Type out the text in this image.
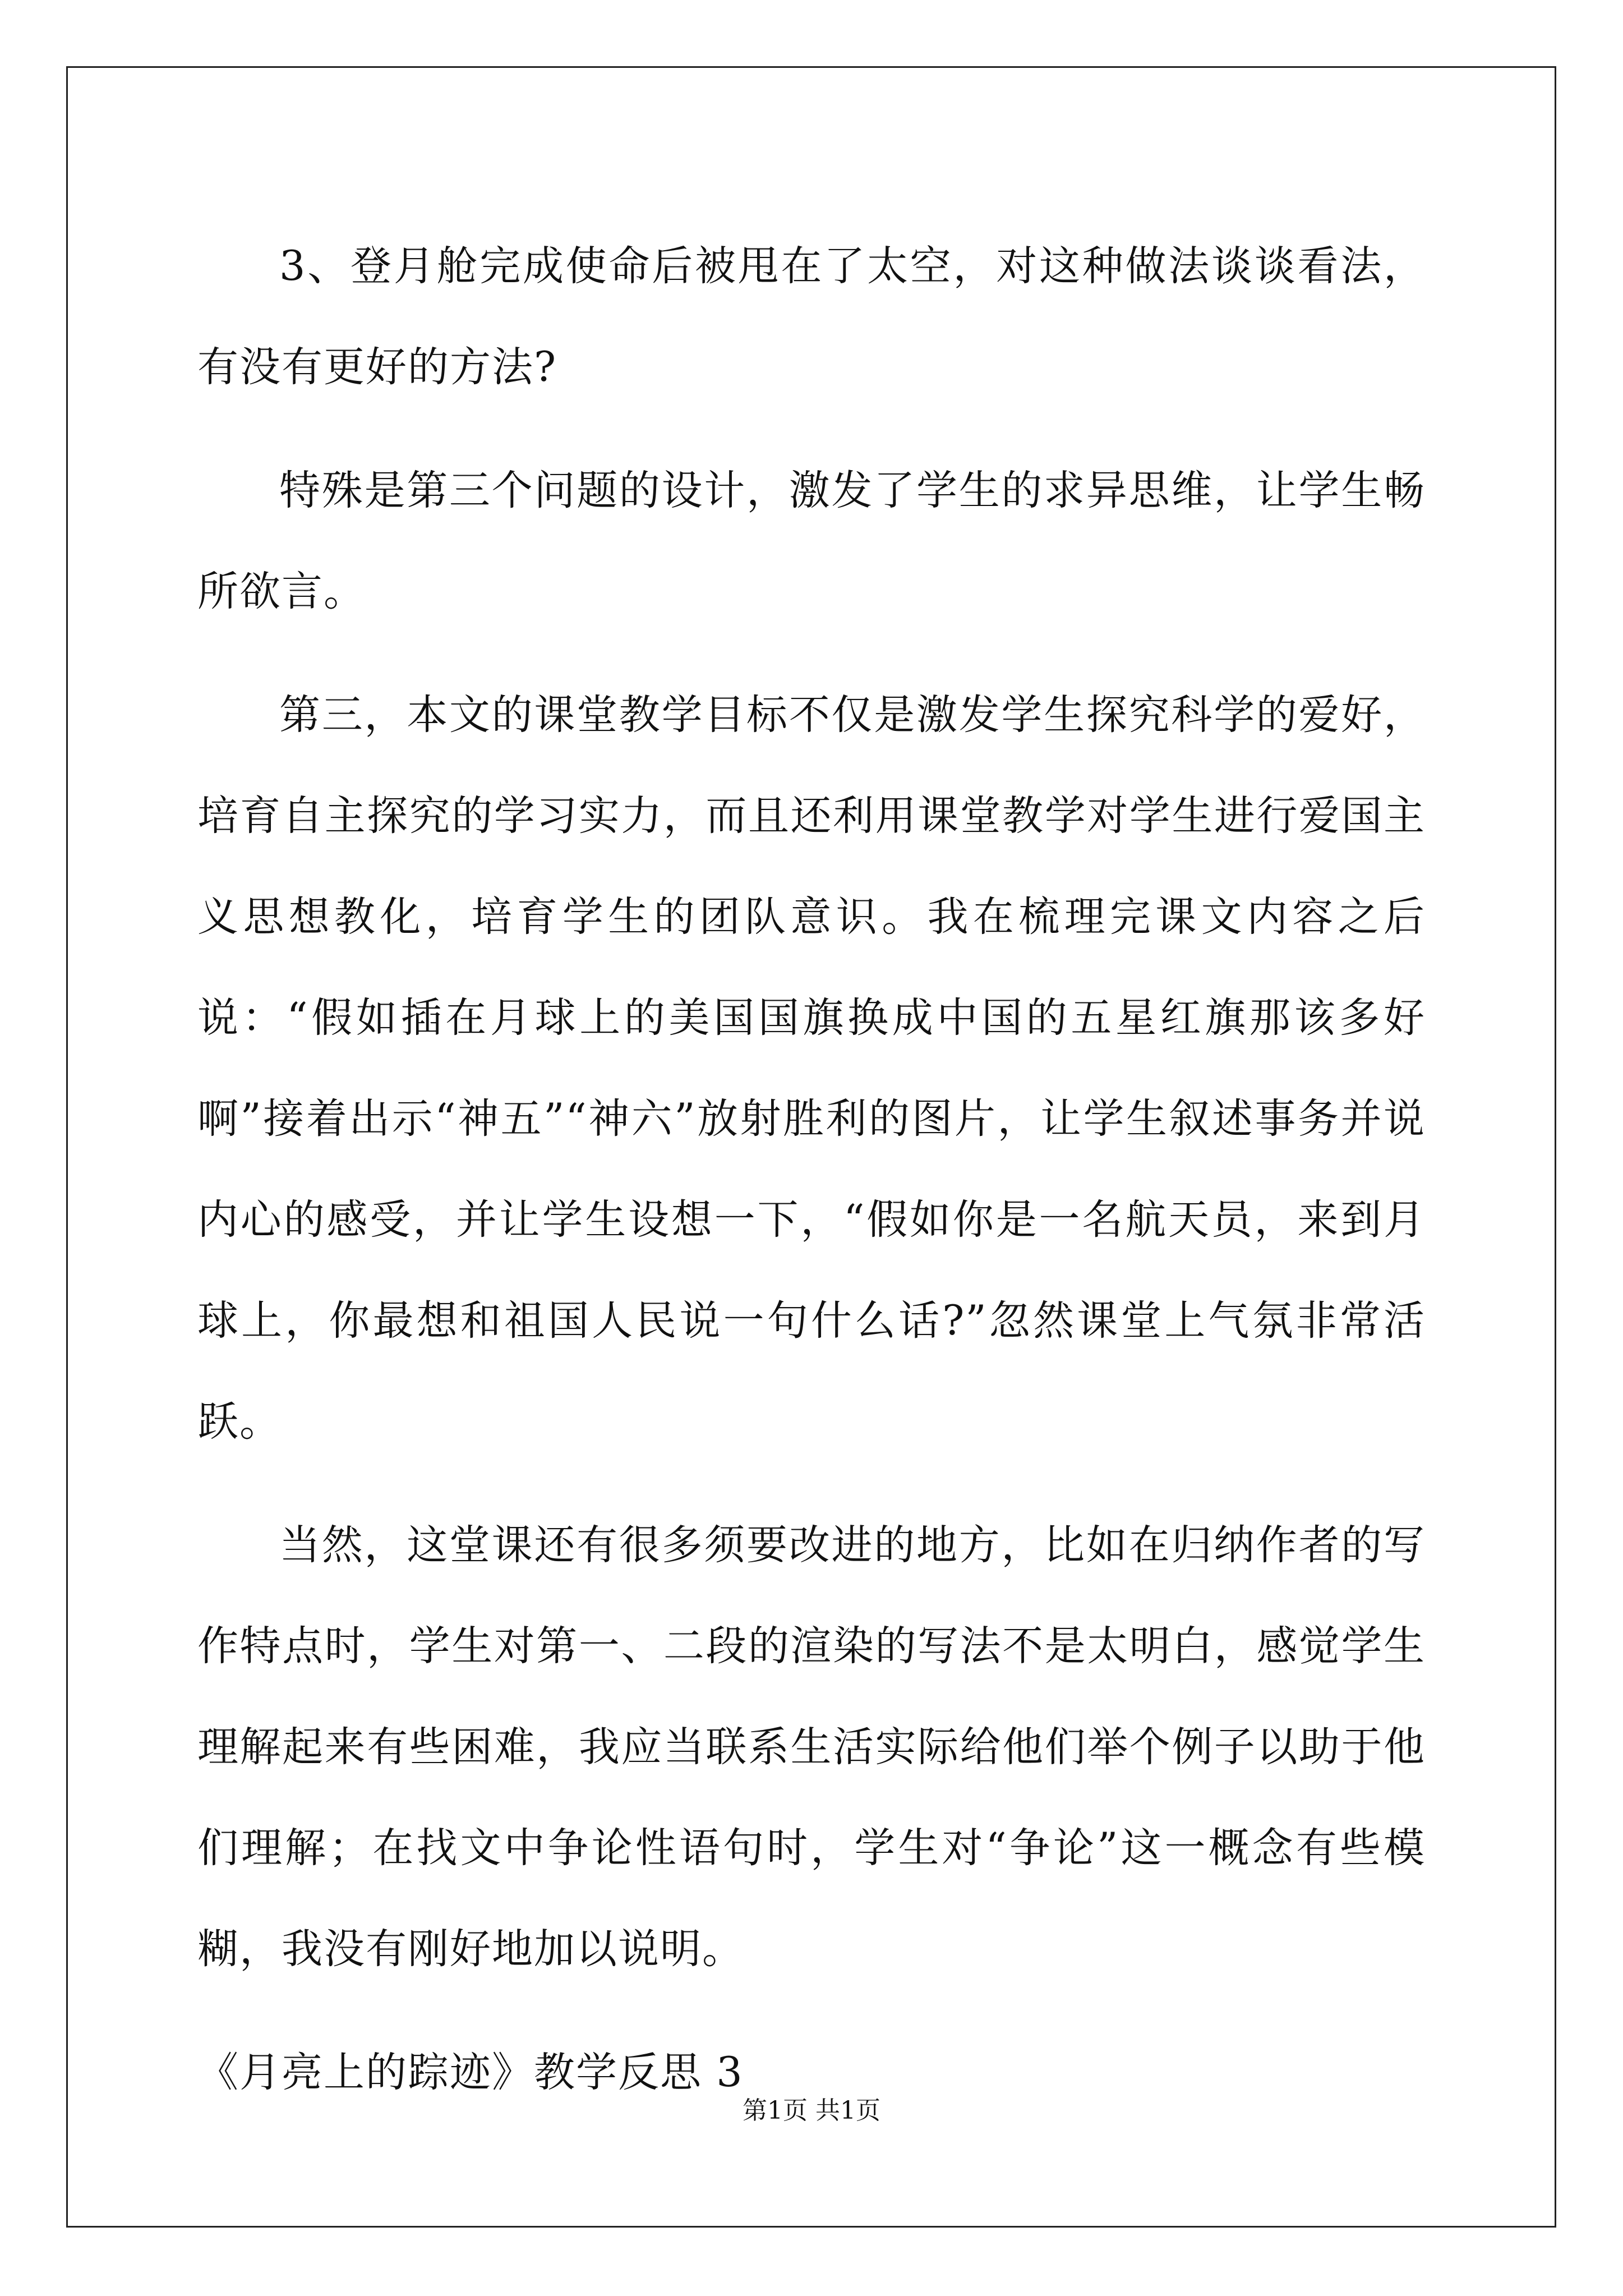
3、登月舱完成使命后被甩在了太空，对这种做法谈谈看法，有没有更好的方法?

特殊是第三个问题的设计，激发了学生的求异思维，让学生畅所欲言。

第三，本文的课堂教学目标不仅是激发学生探究科学的爱好，培育自主探究的学习实力，而且还利用课堂教学对学生进行爱国主义思想教化，培育学生的团队意识。我在梳理完课文内容之后说：“假如插在月球上的美国国旗换成中国的五星红旗那该多好啊”接着出示“神五”“神六”放射胜利的图片，让学生叙述事务并说内心的感受，并让学生设想一下，“假如你是一名航天员，来到月球上，你最想和祖国人民说一句什么话?”忽然课堂上气氛非常活跃。

当然，这堂课还有很多须要改进的地方，比如在归纳作者的写作特点时，学生对第一、二段的渲染的写法不是太明白，感觉学生理解起来有些困难，我应当联系生活实际给他们举个例子以助于他们理解；在找文中争论性语句时，学生对“争论”这一概念有些模糊，我没有刚好地加以说明。

《月亮上的踪迹》教学反思 3

第1页 共1页
